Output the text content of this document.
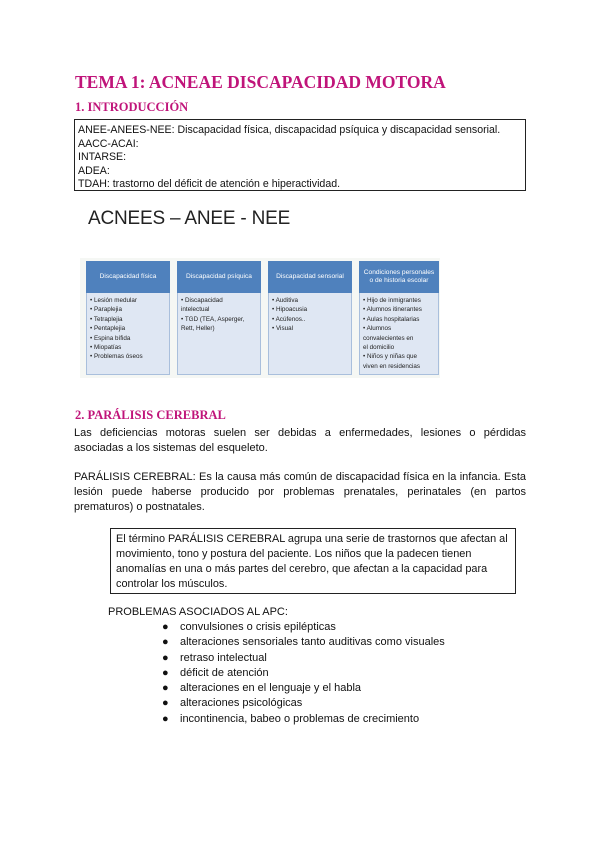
TEMA 1: ACNEAE DISCAPACIDAD MOTORA
1. INTRODUCCIÓN
ANEE-ANEES-NEE: Discapacidad física, discapacidad psíquica y discapacidad sensorial.
AACC-ACAI:
INTARSE:
ADEA:
TDAH: trastorno del déficit de atención e hiperactividad.
ACNEES – ANEE - NEE
Discapacidad física
• Lesión medular
• Paraplejia
• Tetraplejia
• Pentaplejia
• Espina bífida
• Miopatías
• Problemas óseos
Discapacidad psíquica
• Discapacidad
intelectual
• TGD (TEA, Asperger,
Rett, Heller)
Discapacidad sensorial
• Auditiva
• Hipoacusia
• Acúfenos..
• Visual
Condiciones personales o de historia escolar
• Hijo de inmigrantes
• Alumnos itinerantes
• Aulas hospitalarias
• Alumnos
convalecientes en
el domicilio
• Niños y niñas que
viven en residencias
2. PARÁLISIS CEREBRAL
Las deficiencias motoras suelen ser debidas a enfermedades, lesiones o pérdidas asociadas a los sistemas del esqueleto.
PARÁLISIS CEREBRAL: Es la causa más común de discapacidad física en la infancia. Esta lesión puede haberse producido por problemas prenatales, perinatales (en partos prematuros) o postnatales.
El término PARÁLISIS CEREBRAL agrupa una serie de trastornos que afectan al movimiento, tono y postura del paciente. Los niños que la padecen tienen anomalías en una o más partes del cerebro, que afectan a la capacidad para controlar los músculos.
PROBLEMAS ASOCIADOS AL APC:
● convulsiones o crisis epilépticas
● alteraciones sensoriales tanto auditivas como visuales
● retraso intelectual
● déficit de atención
● alteraciones en el lenguaje y el habla
● alteraciones psicológicas
● incontinencia, babeo o problemas de crecimiento
